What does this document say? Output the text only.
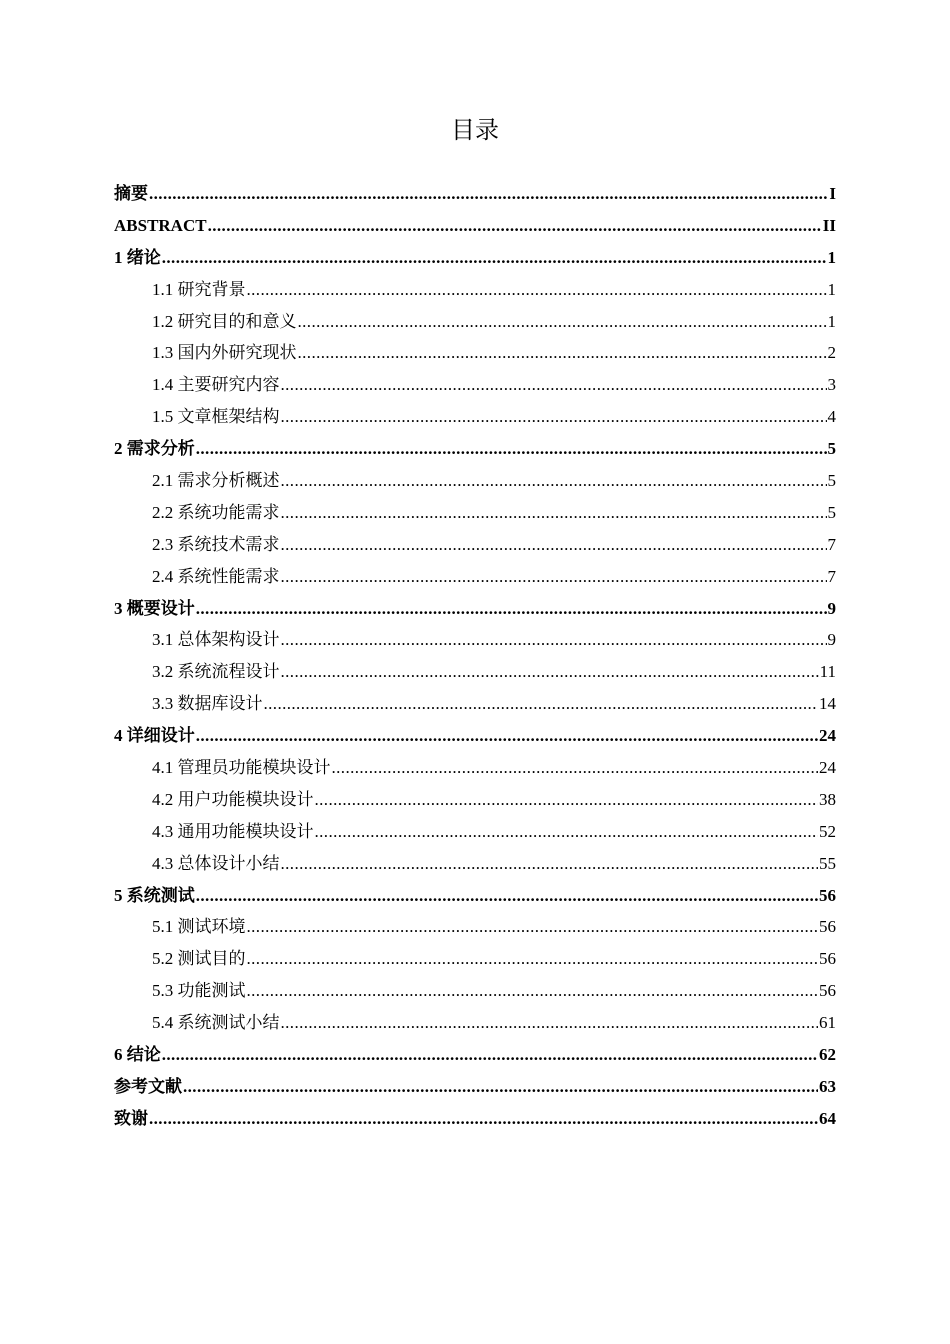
目录
摘要 .....	I
ABSTRACT .....	II
1 绪论 .....	1
1.1 研究背景 .....	1
1.2 研究目的和意义 .....	1
1.3 国内外研究现状 .....	2
1.4 主要研究内容 .....	3
1.5 文章框架结构 .....	4
2 需求分析 .....	5
2.1 需求分析概述 .....	5
2.2 系统功能需求 .....	5
2.3 系统技术需求 .....	7
2.4 系统性能需求 .....	7
3 概要设计 .....	9
3.1 总体架构设计 .....	9
3.2 系统流程设计 .....	11
3.3 数据库设计 .....	14
4 详细设计 .....	24
4.1 管理员功能模块设计 .....	24
4.2 用户功能模块设计 .....	38
4.3 通用功能模块设计 .....	52
4.3 总体设计小结 .....	55
5 系统测试 .....	56
5.1 测试环境 .....	56
5.2 测试目的 .....	56
5.3 功能测试 .....	56
5.4 系统测试小结 .....	61
6 结论 .....	62
参考文献 .....	63
致谢 .....	64
